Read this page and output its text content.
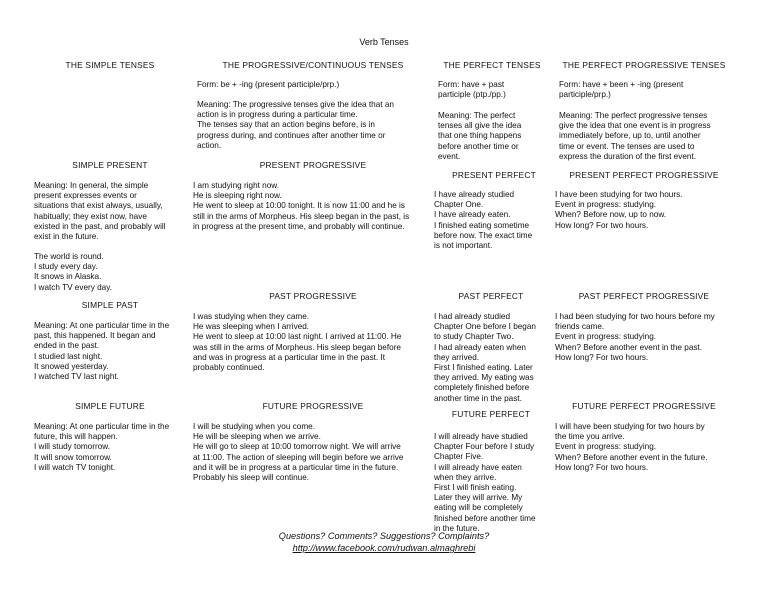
Verb Tenses
THE SIMPLE TENSES
SIMPLE PRESENT
Meaning: In general, the simple
present expresses events or
situations that exist always, usually,
habitually; they exist now, have
existed in the past, and probably will
exist in the future.
The world is round.
I study every day.
It snows in Alaska.
I watch TV every day.
SIMPLE PAST
Meaning: At one particular time in the
past, this happened. It began and
ended in the past.
I studied last night.
It snowed yesterday.
I watched TV last night.
SIMPLE FUTURE
Meaning: At one particular time in the
future, this will happen.
I will study tomorrow.
It will snow tomorrow.
I will watch TV tonight.
THE PROGRESSIVE/CONTINUOUS TENSES
Form: be + -ing (present participle/prp.)
Meaning: The progressive tenses give the idea that an
action is in progress during a particular time.
The tenses say that an action begins before, is in
progress during, and continues after another time or
action.
PRESENT PROGRESSIVE
I am studying right now.
He is sleeping right now.
He went to sleep at 10:00 tonight. It is now 11:00 and he is
still in the arms of Morpheus. His sleep began in the past, is
in progress at the present time, and probably will continue.
PAST PROGRESSIVE
I was studying when they came.
He was sleeping when I arrived.
He went to sleep at 10:00 last night. I arrived at 11:00. He
was still in the arms of Morpheus. His sleep began before
and was in progress at a particular time in the past. It
probably continued.
FUTURE PROGRESSIVE
I will be studying when you come.
He will be sleeping when we arrive.
He will go to sleep at 10:00 tomorrow night. We will arrive
at 11:00. The action of sleeping will begin before we arrive
and it will be in progress at a particular time in the future.
Probably his sleep will continue.
THE PERFECT TENSES
Form: have + past
participle (ptp./pp.)
Meaning: The perfect
tenses all give the idea
that one thing happens
before another time or
event.
PRESENT PERFECT
I have already studied
Chapter One.
I have already eaten.
I finished eating sometime
before now. The exact time
is not important.
PAST PERFECT
I had already studied
Chapter One before I began
to study Chapter Two.
I had already eaten when
they arrived.
First I finished eating. Later
they arrived. My eating was
completely finished before
another time in the past.
FUTURE PERFECT
I will already have studied
Chapter Four before I study
Chapter Five.
I will already have eaten
when they arrive.
First I will finish eating.
Later they will arrive. My
eating will be completely
finished before another time
in the future.
THE PERFECT PROGRESSIVE TENSES
Form: have + been + -ing (present
participle/prp.)
Meaning: The perfect progressive tenses
give the idea that one event is in progress
immediately before, up to, until another
time or event. The tenses are used to
express the duration of the first event.
PRESENT PERFECT PROGRESSIVE
I have been studying for two hours.
Event in progress: studying.
When? Before now, up to now.
How long? For two hours.
PAST PERFECT PROGRESSIVE
I had been studying for two hours before my
friends came.
Event in progress: studying.
When? Before another event in the past.
How long? For two hours.
FUTURE PERFECT PROGRESSIVE
I will have been studying for two hours by
the time you arrive.
Event in progress: studying.
When? Before another event in the future.
How long? For two hours.
Questions? Comments? Suggestions? Complaints?
http://www.facebook.com/rudwan.almaghrebi
